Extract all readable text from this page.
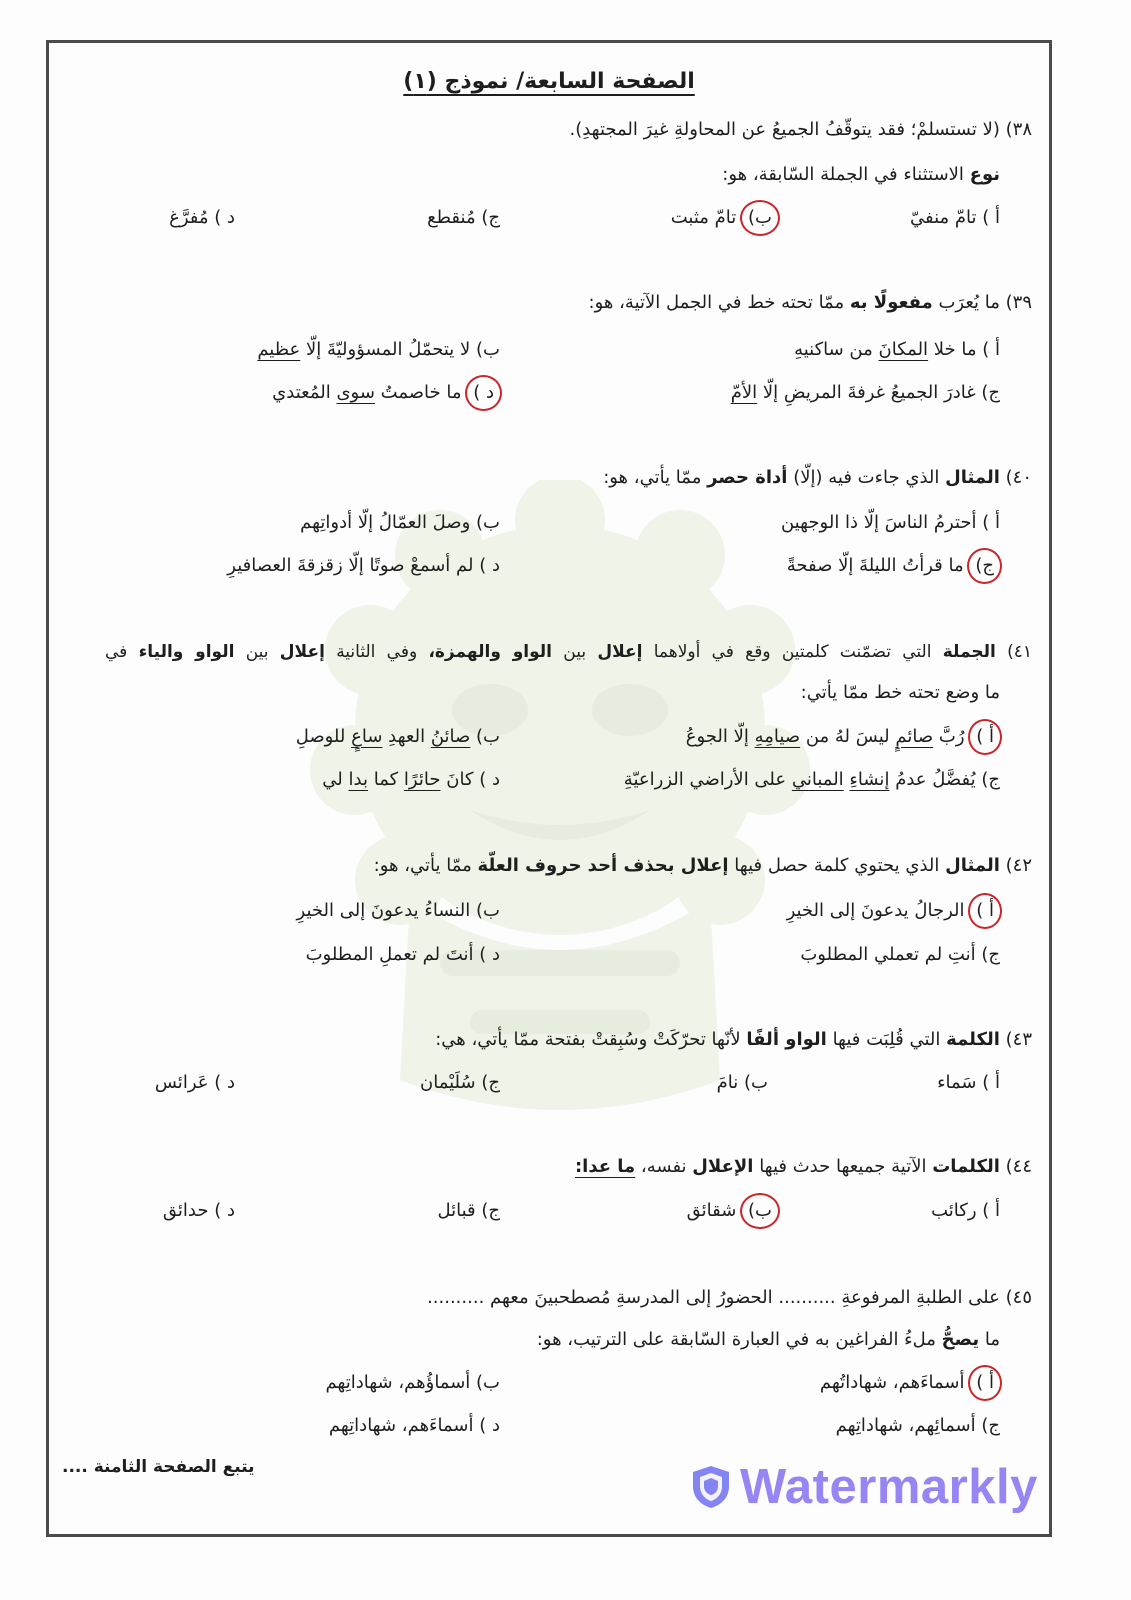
الصفحة السابعة/ نموذج (١)
٣٨) (لا تستسلمْ؛ فقد يتوقّفُ الجميعُ عن المحاولةِ غيرَ المجتهدِ).
نوع الاستثناء في الجملة السّابقة، هو:
أ ) تامّ منفيّ
ب) تامّ مثبت
ج) مُنقطع
د ) مُفرَّغ
٣٩) ما يُعرَب مفعولًا به ممّا تحته خط في الجمل الآتية، هو:
أ ) ما خلا المكانَ من ساكنيهِ
ب) لا يتحمّلُ المسؤوليّةَ إلّا عظيم
ج) غادرَ الجميعُ غرفةَ المريضِ إلّا الأمّ
د ) ما خاصمتُ سوى المُعتدي
٤٠) المثال الذي جاءت فيه (إلّا) أداة حصر ممّا يأتي، هو:
أ ) أحترمُ الناسَ إلّا ذا الوجهين
ب) وصلَ العمّالُ إلّا أدواتِهم
ج) ما قرأتُ الليلةَ إلّا صفحةً
د ) لم أسمعْ صوتًا إلّا زقزقةَ العصافيرِ
٤١) الجملة التي تضمّنت كلمتين وقع في أولاهما إعلال بين الواو والهمزة، وفي الثانية إعلال بين الواو والياء في
ما وضع تحته خط ممّا يأتي:
أ ) رُبَّ صائمٍ ليسَ لهُ من صيامِهِ إلّا الجوعُ
ب) صائنُ العهدِ ساعٍ للوصلِ
ج) يُفضَّلُ عدمُ إنشاءِ المباني على الأراضي الزراعيّةِ
د ) كانَ حائرًا كما بدا لي
٤٢) المثال الذي يحتوي كلمة حصل فيها إعلال بحذف أحد حروف العلّة ممّا يأتي، هو:
أ ) الرجالُ يدعونَ إلى الخيرِ
ب) النساءُ يدعونَ إلى الخيرِ
ج) أنتِ لم تعملي المطلوبَ
د ) أنتَ لم تعملِ المطلوبَ
٤٣) الكلمة التي قُلِبَت فيها الواو ألفًا لأنّها تحرّكَتْ وسُبِقتْ بفتحة ممّا يأتي، هي:
أ ) سَماء
ب) نامَ
ج) سُلَيْمان
د ) عَرائس
٤٤) الكلمات الآتية جميعها حدث فيها الإعلال نفسه، ما عدا:
أ ) ركائب
ب) شقائق
ج) قبائل
د ) حدائق
٤٥) على الطلبةِ المرفوعةِ .......... الحضورُ إلى المدرسةِ مُصطحبينَ معهم ..........
ما يصحُّ ملءُ الفراغين به في العبارة السّابقة على الترتيب، هو:
أ ) أسماءَهم، شهاداتُهم
ب) أسماؤُهم، شهاداتِهم
ج) أسمائِهم، شهاداتِهم
د ) أسماءَهم، شهاداتِهم
يتبع الصفحة الثامنة ....	Watermarkly
